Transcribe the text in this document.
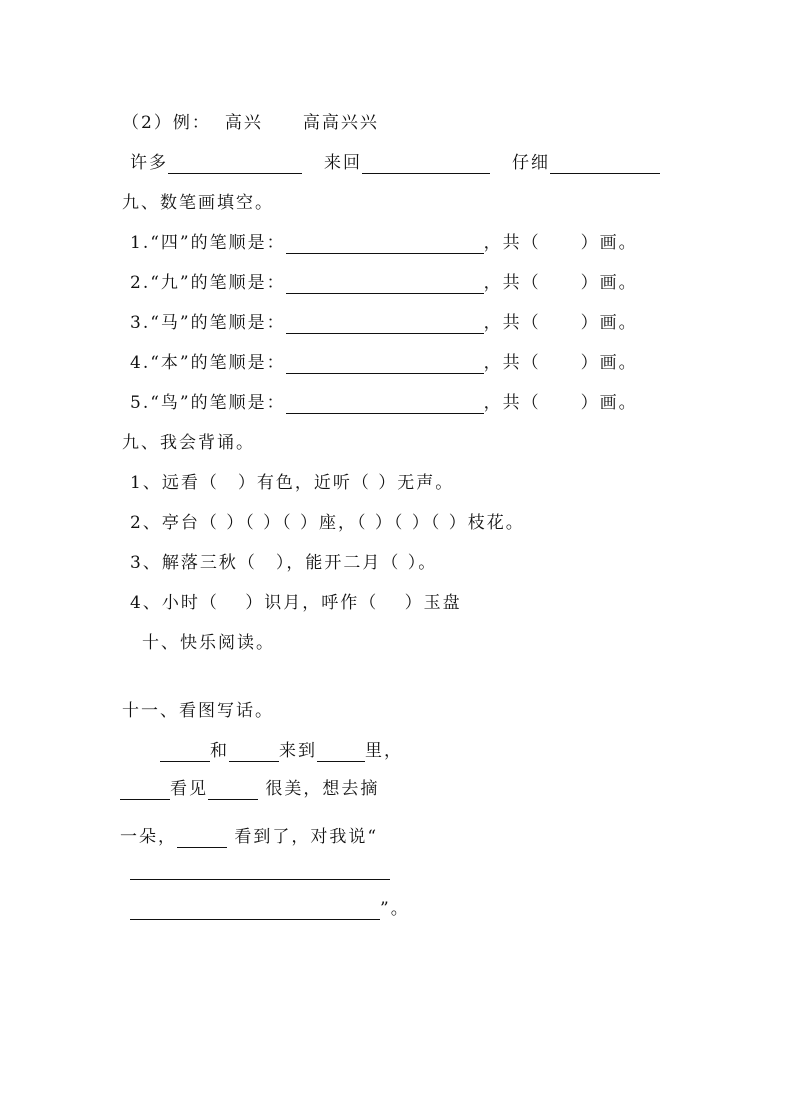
（2）例： 高兴 高高兴兴
许多	来回	仔细
九、数笔画填空。
1.“四”的笔顺是：	，共（ ）画。
2.“九”的笔顺是：	，共（ ）画。
3.“马”的笔顺是：	，共（ ）画。
4.“本”的笔顺是：	，共（ ）画。
5.“鸟”的笔顺是：	，共（ ）画。
九、我会背诵。
1、远看（　）有色，近听（ ）无声。
2、亭台（ ）（ ）（ ）座，（ ）（ ）（ ）枝花。
3、解落三秋（　），能开二月（ ）。
4、小时（　 ）识月，呼作（　 ）玉盘
十、快乐阅读。
十一、看图写话。
和	来到	里，
看见	很美，想去摘
一朵，	看到了，对我说“
”。
